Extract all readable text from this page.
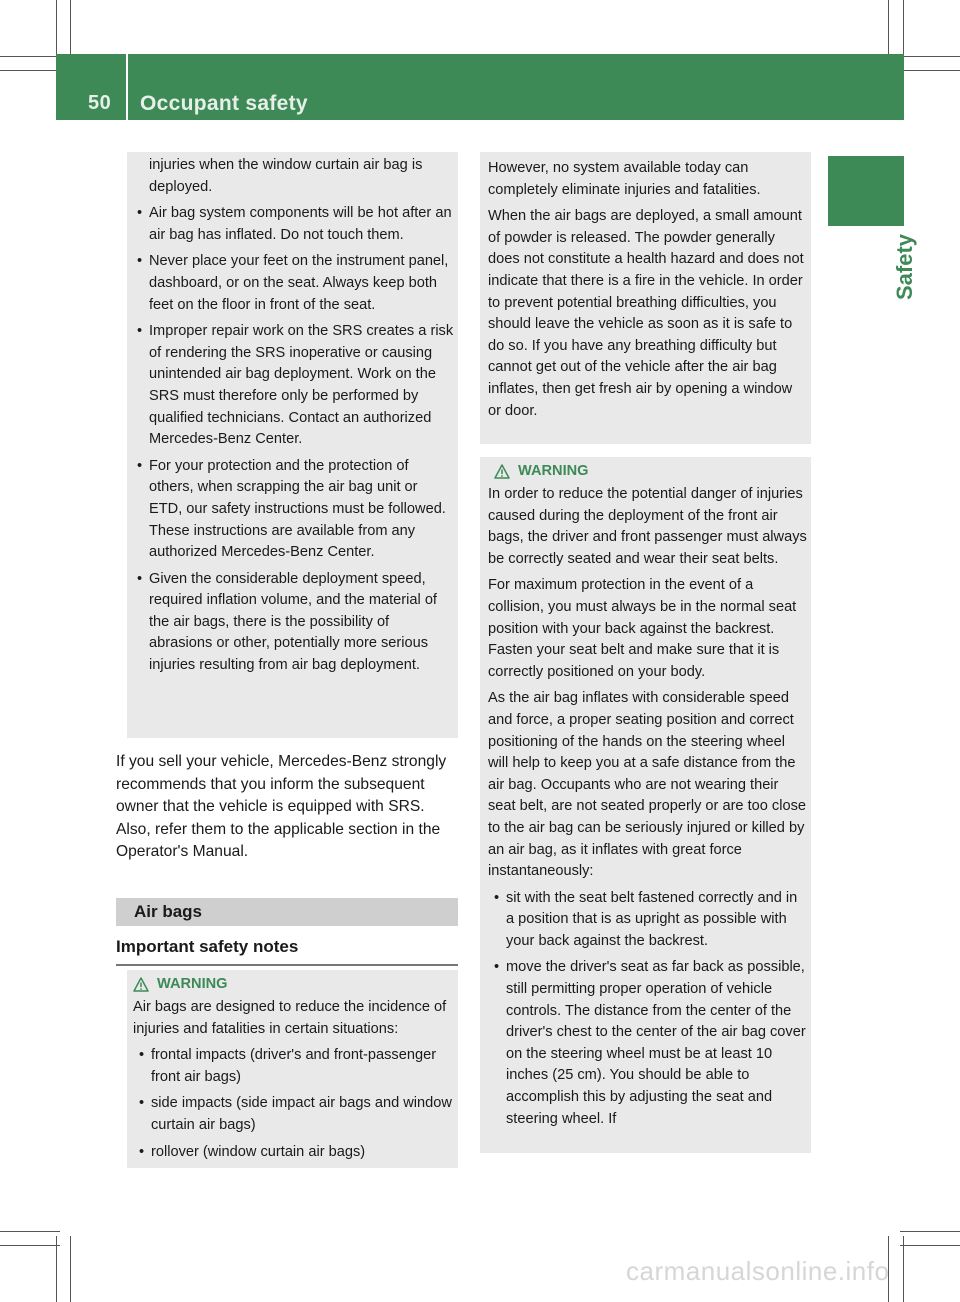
50 Occupant safety
Safety

injuries when the window curtain air bag is deployed.

• Air bag system components will be hot after an air bag has inflated. Do not touch them.

• Never place your feet on the instrument panel, dashboard, or on the seat. Always keep both feet on the floor in front of the seat.

• Improper repair work on the SRS creates a risk of rendering the SRS inoperative or causing unintended air bag deployment. Work on the SRS must therefore only be performed by qualified technicians. Contact an authorized Mercedes-Benz Center.

• For your protection and the protection of others, when scrapping the air bag unit or ETD, our safety instructions must be followed. These instructions are available from any authorized Mercedes-Benz Center.

• Given the considerable deployment speed, required inflation volume, and the material of the air bags, there is the possibility of abrasions or other, potentially more serious injuries resulting from air bag deployment.

If you sell your vehicle, Mercedes-Benz strongly recommends that you inform the subsequent owner that the vehicle is equipped with SRS. Also, refer them to the applicable section in the Operator's Manual.
Air bags
Important safety notes
WARNING

Air bags are designed to reduce the incidence of injuries and fatalities in certain situations:

• frontal impacts (driver's and front-passenger front air bags)

• side impacts (side impact air bags and window curtain air bags)

• rollover (window curtain air bags)

However, no system available today can completely eliminate injuries and fatalities.

When the air bags are deployed, a small amount of powder is released. The powder generally does not constitute a health hazard and does not indicate that there is a fire in the vehicle. In order to prevent potential breathing difficulties, you should leave the vehicle as soon as it is safe to do so. If you have any breathing difficulty but cannot get out of the vehicle after the air bag inflates, then get fresh air by opening a window or door.

WARNING

In order to reduce the potential danger of injuries caused during the deployment of the front air bags, the driver and front passenger must always be correctly seated and wear their seat belts.

For maximum protection in the event of a collision, you must always be in the normal seat position with your back against the backrest. Fasten your seat belt and make sure that it is correctly positioned on your body.

As the air bag inflates with considerable speed and force, a proper seating position and correct positioning of the hands on the steering wheel will help to keep you at a safe distance from the air bag. Occupants who are not wearing their seat belt, are not seated properly or are too close to the air bag can be seriously injured or killed by an air bag, as it inflates with great force instantaneously:

• sit with the seat belt fastened correctly and in a position that is as upright as possible with your back against the backrest.

• move the driver's seat as far back as possible, still permitting proper operation of vehicle controls. The distance from the center of the driver's chest to the center of the air bag cover on the steering wheel must be at least 10 inches (25 cm). You should be able to accomplish this by adjusting the seat and steering wheel. If

carmanualsonline.info
